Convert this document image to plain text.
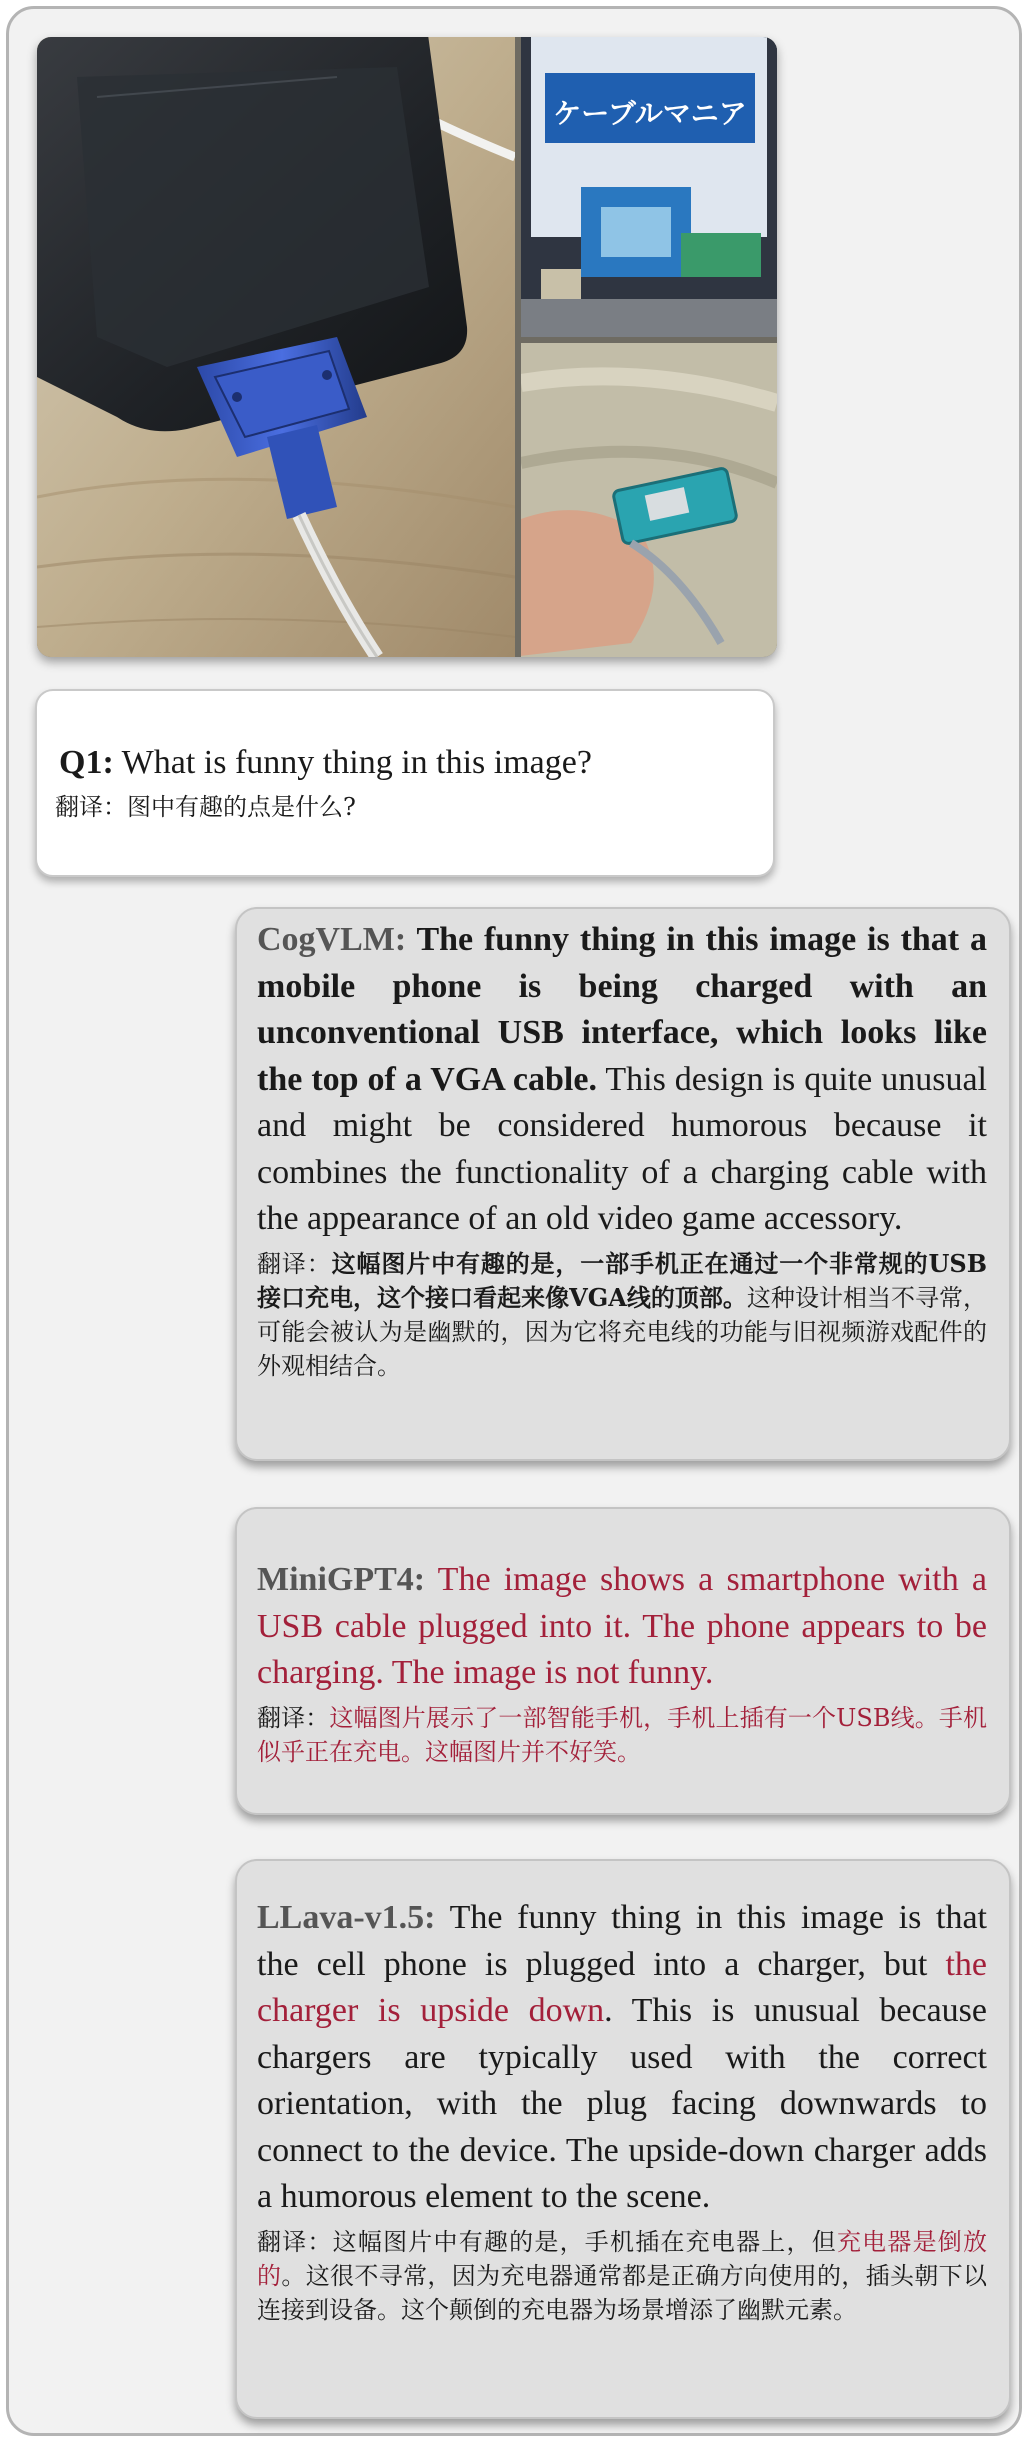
ケーブルマニア
Q1: What is funny thing in this image?
翻译：图中有趣的点是什么?

CogVLM: The funny thing in this image is that a mobile phone is being charged with an unconventional USB interface, which looks like the top of a VGA cable. This design is quite unusual and might be considered humorous because it combines the functionality of a charging cable with the appearance of an old video game accessory.

翻译：这幅图片中有趣的是，一部手机正在通过一个非常规的USB接口充电，这个接口看起来像VGA线的顶部。这种设计相当不寻常，可能会被认为是幽默的，因为它将充电线的功能与旧视频游戏配件的外观相结合。

MiniGPT4: The image shows a smartphone with a USB cable plugged into it. The phone appears to be charging. The image is not funny.

翻译：这幅图片展示了一部智能手机，手机上插有一个USB线。手机似乎正在充电。这幅图片并不好笑。

LLava-v1.5: The funny thing in this image is that the cell phone is plugged into a charger, but the charger is upside down. This is unusual because chargers are typically used with the correct orientation, with the plug facing downwards to connect to the device. The upside-down charger adds a humorous element to the scene.

翻译：这幅图片中有趣的是，手机插在充电器上，但充电器是倒放的。这很不寻常，因为充电器通常都是正确方向使用的，插头朝下以连接到设备。这个颠倒的充电器为场景增添了幽默元素。
